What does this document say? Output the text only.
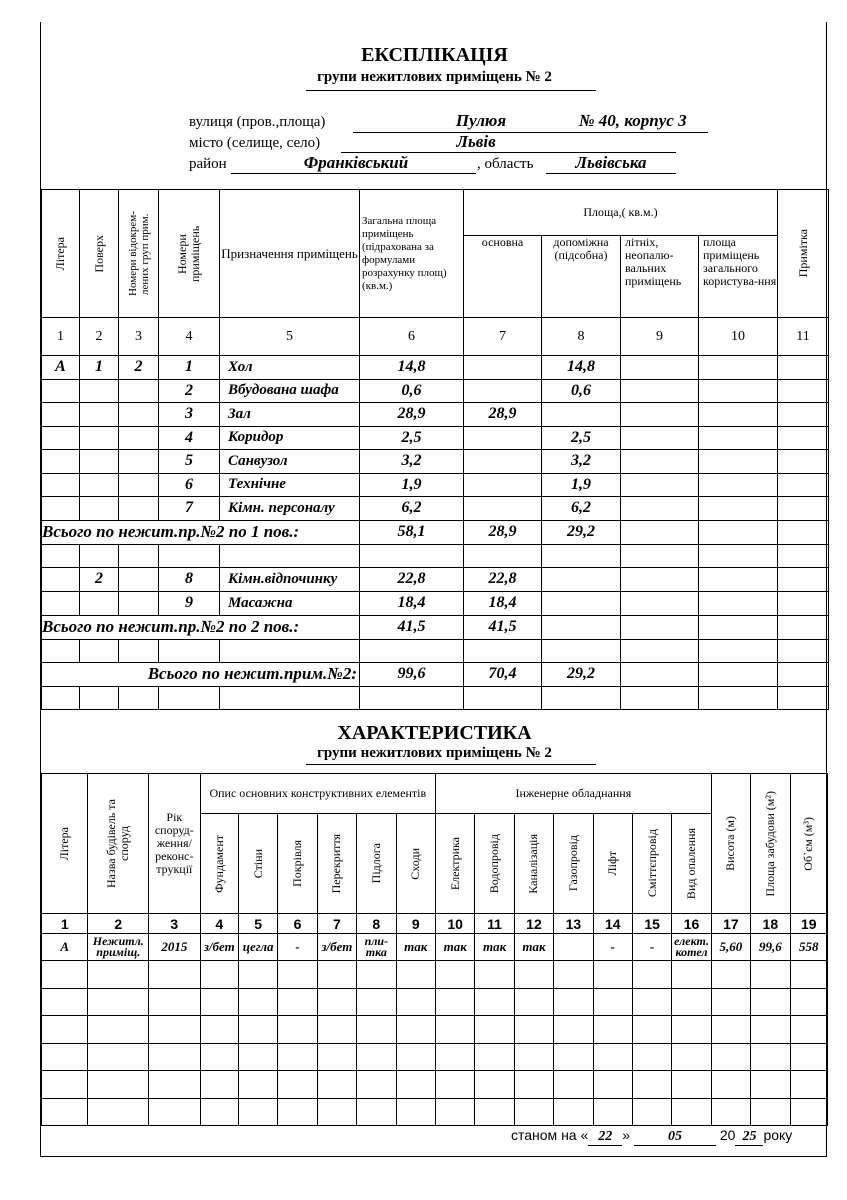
ЕКСПЛІКАЦІЯ
групи нежитлових приміщень № 2
вулиця (пров.,площа)	Пулюя	№ 40, корпус 3
місто (селище, село)	Львів
район	Франківський	, область	Львівська
Літера	Поверх	Номери відокрем-лених груп прим.	Номери приміщень	Призначення приміщень	Загальна площа приміщень (підрахована за формулами розрахунку площ) (кв.м.)	Площа,( кв.м.)				Примітка

						основна	допоміжна (підсобна)	літніх, неопалю-вальних приміщень	площа приміщень загального користува-ння	
1	2	3	4	5	6	7	8	9	10	11
А	1	2	1	Хол	14,8		14,8			
			2	Вбудована шафа	0,6		0,6			
			3	Зал	28,9	28,9				
			4	Коридор	2,5		2,5			
			5	Санвузол	3,2		3,2			
			6	Технічне	1,9		1,9			
			7	Кімн. персоналу	6,2		6,2			
Всього по нежит.пр.№2 по 1 пов.:					58,1	28,9	29,2			

	2		8	Кімн.відпочинку	22,8	22,8				
			9	Масажна	18,4	18,4				
Всього по нежит.пр.№2 по 2 пов.:					41,5	41,5				

Всього по нежит.прим.№2:					99,6	70,4	29,2			

ХАРАКТЕРИСТИКА
групи нежитлових приміщень № 2
Літера	Назва будівель та споруд	Рік споруд-ження/ реконс-трукції	Опис основних конструктивних елементів						Інженерне обладнання							Висота (м)	Площа забудови (м²)	Об`єм (м³)

			Фундамент	Стіни	Покрівля	Перекриття	Підлога	Сходи	Електрика	Водопровід	Каналізація	Газопровід	Ліфт	Сміттєпровід	Вид опалення			

1	2	3	4	5	6	7	8	9	10	11	12	13	14	15	16	17	18	19
А	Нежитл. приміщ.	2015	з/бет	цегла	-	з/бет	пли-тка	так	так	так	так		-	-	елект. котел	5,60	99,6	558

станом на « 22 »	05	20 25 року
